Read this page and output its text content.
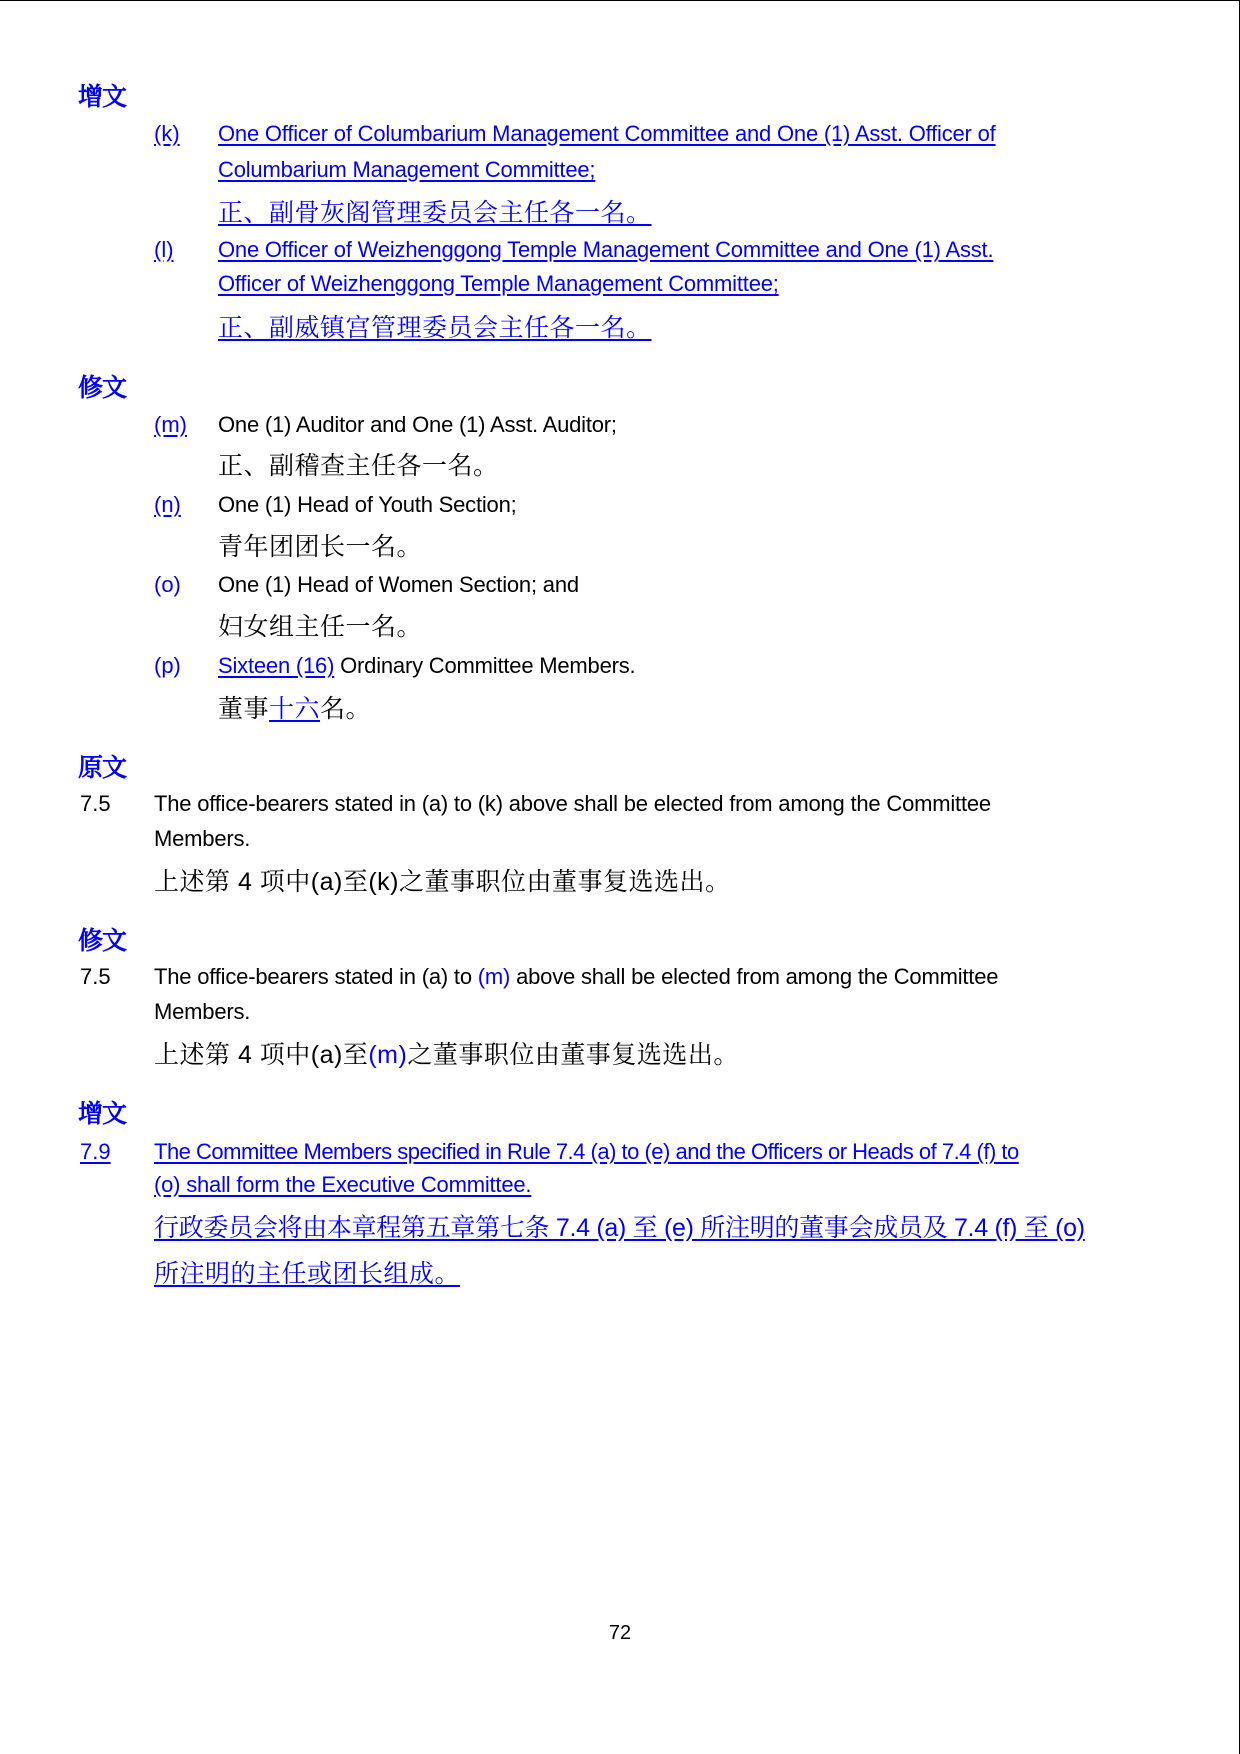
增文
(k) One Officer of Columbarium Management Committee and One (1) Asst. Officer of
Columbarium Management Committee;
正、副骨灰阁管理委员会主任各一名。
(l) One Officer of Weizhenggong Temple Management Committee and One (1) Asst.
Officer of Weizhenggong Temple Management Committee;
正、副威镇宫管理委员会主任各一名。
修文
(m) One (1) Auditor and One (1) Asst. Auditor;
正、副稽查主任各一名。
(n) One (1) Head of Youth Section;
青年团团长一名。
(o) One (1) Head of Women Section; and
妇女组主任一名。
(p) Sixteen (16) Ordinary Committee Members.
董事十六名。
原文
7.5 The office-bearers stated in (a) to (k) above shall be elected from among the Committee
Members.
上述第 4 项中(a)至(k)之董事职位由董事复选选出。
修文
7.5 The office-bearers stated in (a) to (m) above shall be elected from among the Committee
Members.
上述第 4 项中(a)至(m)之董事职位由董事复选选出。
增文
7.9 The Committee Members specified in Rule 7.4 (a) to (e) and the Officers or Heads of 7.4 (f) to
(o) shall form the Executive Committee.
行政委员会将由本章程第五章第七条 7.4 (a) 至 (e) 所注明的董事会成员及 7.4 (f) 至 (o)
所注明的主任或团长组成。
72
